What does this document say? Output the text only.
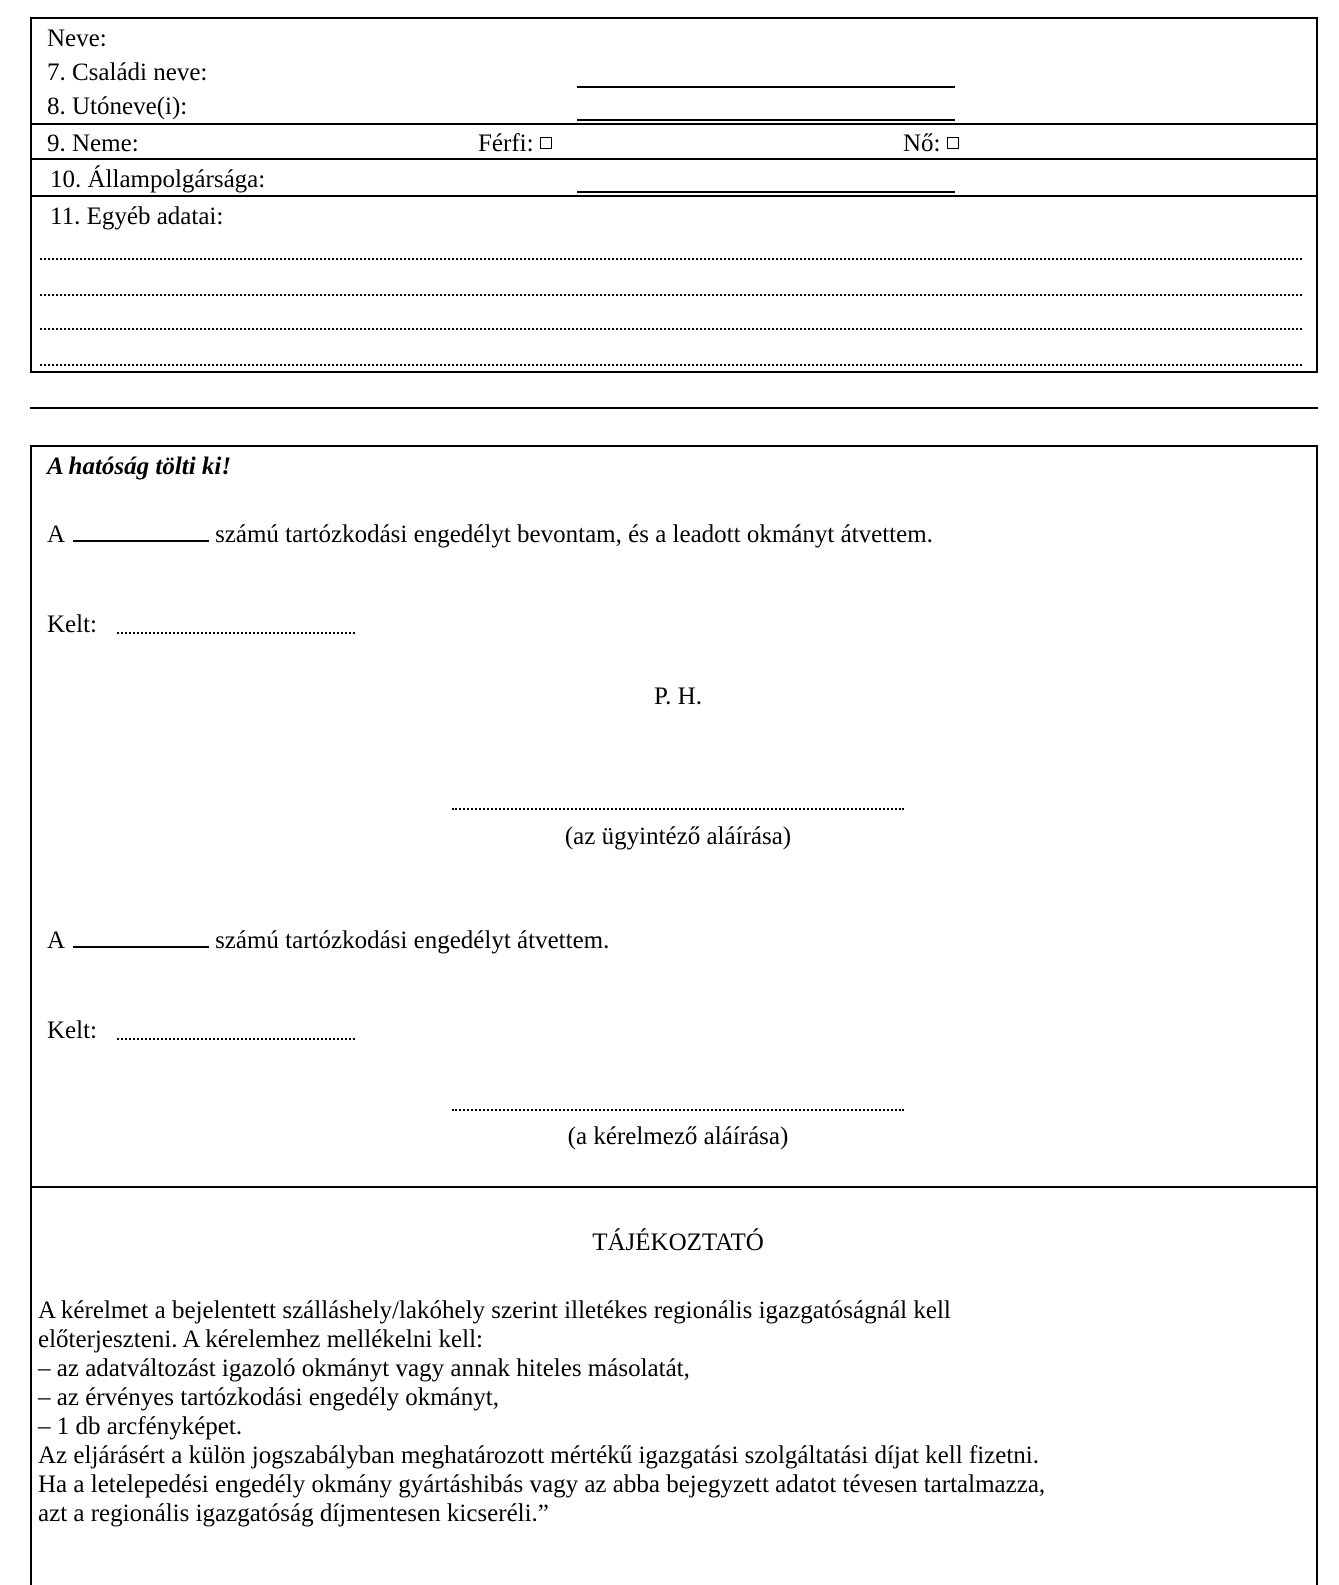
Neve:
7. Családi neve:
8. Utóneve(i):
9. Neme:	Férfi:	Nő:
10. Állampolgársága:
11. Egyéb adatai:
A hatóság tölti ki!
A	számú tartózkodási engedélyt bevontam, és a leadott okmányt átvettem.
Kelt:
P. H.
(az ügyintéző aláírása)
A	számú tartózkodási engedélyt átvettem.
Kelt:
(a kérelmező aláírása)
TÁJÉKOZTATÓ
A kérelmet a bejelentett szálláshely/lakóhely szerint illetékes regionális igazgatóságnál kell
előterjeszteni. A kérelemhez mellékelni kell:
– az adatváltozást igazoló okmányt vagy annak hiteles másolatát,
– az érvényes tartózkodási engedély okmányt,
– 1 db arcfényképet.
Az eljárásért a külön jogszabályban meghatározott mértékű igazgatási szolgáltatási díjat kell fizetni.
Ha a letelepedési engedély okmány gyártáshibás vagy az abba bejegyzett adatot tévesen tartalmazza,
azt a regionális igazgatóság díjmentesen kicseréli.”
